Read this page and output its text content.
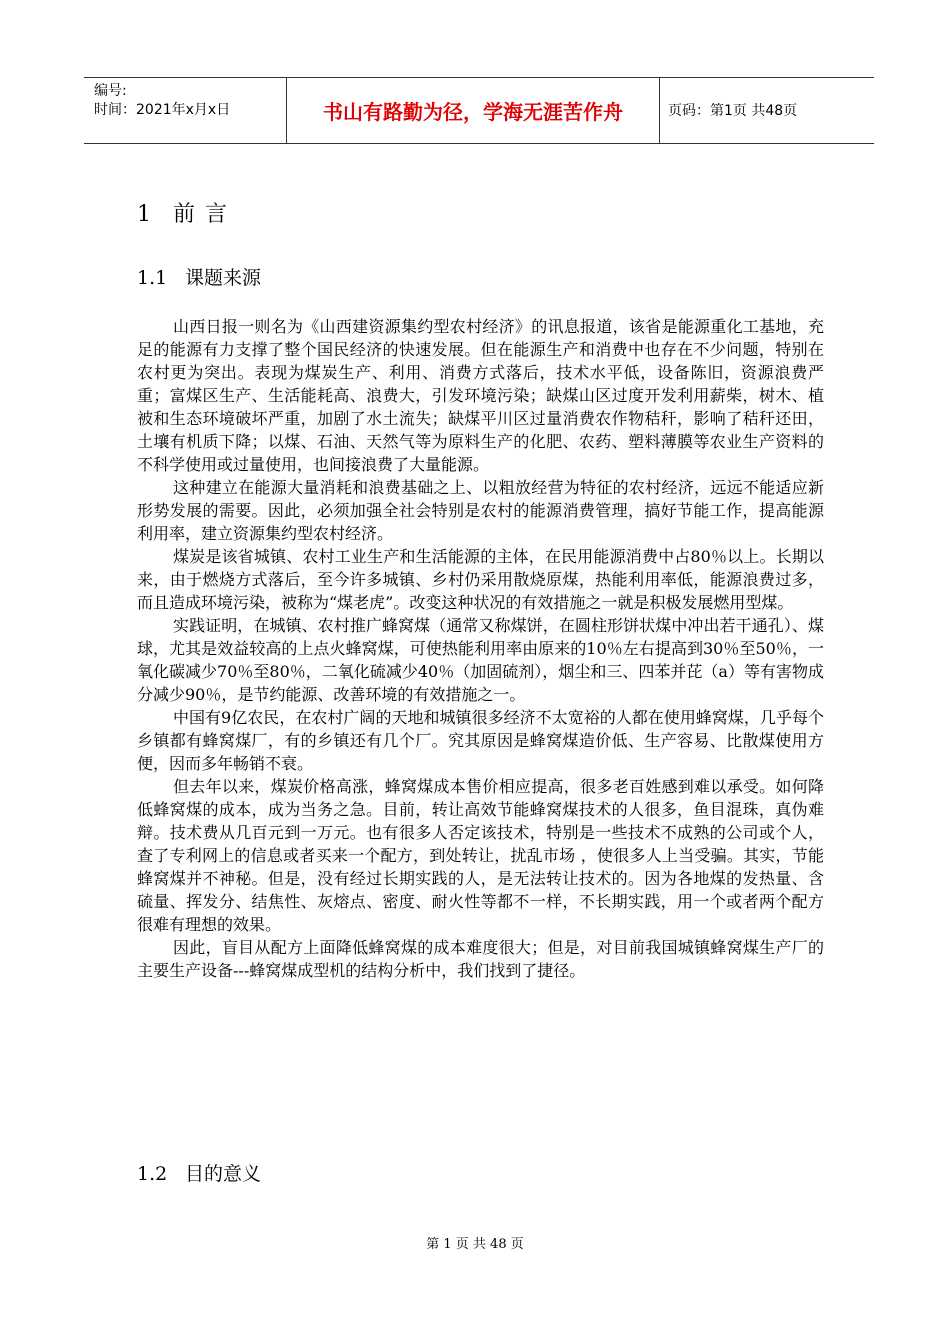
编号:
时间：2021年x月x日	书山有路勤为径，学海无涯苦作舟	页码：第1页 共48页
1 前言
1.1 课题来源

山西日报一则名为《山西建资源集约型农村经济》的讯息报道，该省是能源重化工基地，充足的能源有力支撑了整个国民经济的快速发展。但在能源生产和消费中也存在不少问题，特别在农村更为突出。表现为煤炭生产、利用、消费方式落后，技术水平低，设备陈旧，资源浪费严重；富煤区生产、生活能耗高、浪费大，引发环境污染；缺煤山区过度开发利用薪柴，树木、植被和生态环境破坏严重，加剧了水土流失；缺煤平川区过量消费农作物秸秆，影响了秸秆还田，土壤有机质下降；以煤、石油、天然气等为原料生产的化肥、农药、塑料薄膜等农业生产资料的不科学使用或过量使用，也间接浪费了大量能源。

这种建立在能源大量消耗和浪费基础之上、以粗放经营为特征的农村经济，远远不能适应新形势发展的需要。因此，必须加强全社会特别是农村的能源消费管理，搞好节能工作，提高能源利用率，建立资源集约型农村经济。

煤炭是该省城镇、农村工业生产和生活能源的主体，在民用能源消费中占80％以上。长期以来，由于燃烧方式落后，至今许多城镇、乡村仍采用散烧原煤，热能利用率低，能源浪费过多，而且造成环境污染，被称为“煤老虎”。改变这种状况的有效措施之一就是积极发展燃用型煤。

实践证明，在城镇、农村推广蜂窝煤（通常又称煤饼，在圆柱形饼状煤中冲出若干通孔）、煤球，尤其是效益较高的上点火蜂窝煤，可使热能利用率由原来的10％左右提高到30％至50％，一氧化碳减少70％至80％，二氧化硫减少40％（加固硫剂），烟尘和三、四苯并芘（a）等有害物成分减少90％，是节约能源、改善环境的有效措施之一。

中国有9亿农民，在农村广阔的天地和城镇很多经济不太宽裕的人都在使用蜂窝煤，几乎每个乡镇都有蜂窝煤厂，有的乡镇还有几个厂。究其原因是蜂窝煤造价低、生产容易、比散煤使用方便，因而多年畅销不衰。

但去年以来，煤炭价格高涨，蜂窝煤成本售价相应提高，很多老百姓感到难以承受。如何降低蜂窝煤的成本，成为当务之急。目前，转让高效节能蜂窝煤技术的人很多，鱼目混珠，真伪难辩。技术费从几百元到一万元。也有很多人否定该技术，特别是一些技术不成熟的公司或个人，查了专利网上的信息或者买来一个配方，到处转让，扰乱市场 ，使很多人上当受骗。其实，节能蜂窝煤并不神秘。但是，没有经过长期实践的人，是无法转让技术的。因为各地煤的发热量、含硫量、挥发分、结焦性、灰熔点、密度、耐火性等都不一样，不长期实践，用一个或者两个配方很难有理想的效果。

因此，盲目从配方上面降低蜂窝煤的成本难度很大；但是，对目前我国城镇蜂窝煤生产厂的主要生产设备---蜂窝煤成型机的结构分析中，我们找到了捷径。

1.2 目的意义
第 1 页 共 48 页
